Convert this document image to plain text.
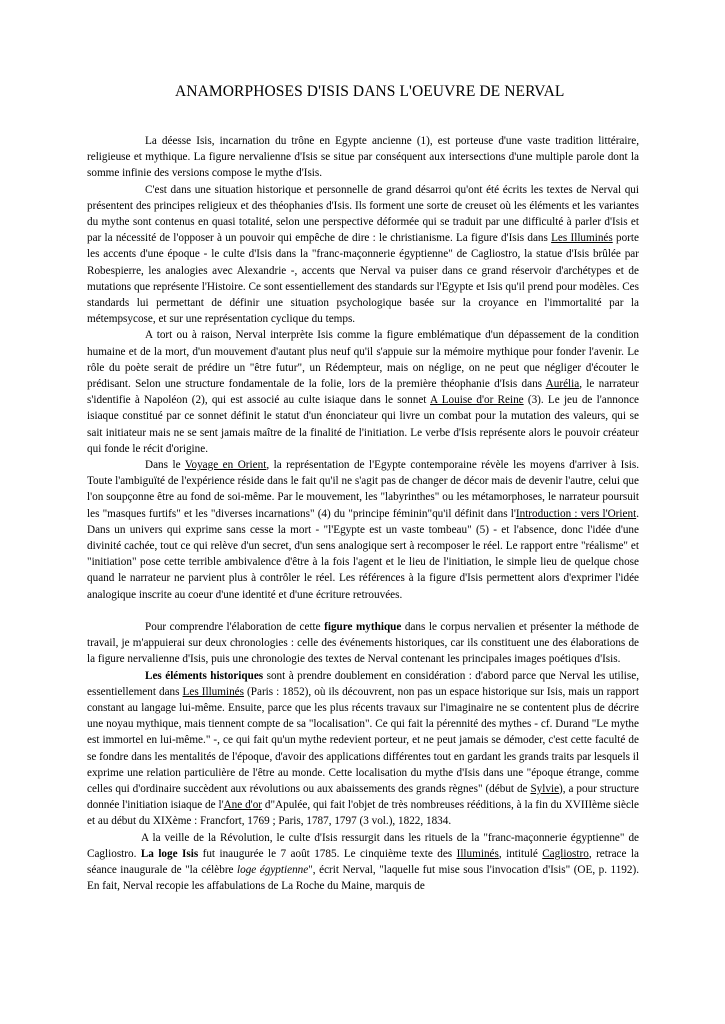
ANAMORPHOSES D'ISIS DANS L'OEUVRE DE NERVAL

La déesse Isis, incarnation du trône en Egypte ancienne (1), est porteuse d'une vaste tradition littéraire, religieuse et mythique. La figure nervalienne d'Isis se situe par conséquent aux intersections d'une multiple parole dont la somme infinie des versions compose le mythe d'Isis.

C'est dans une situation historique et personnelle de grand désarroi qu'ont été écrits les textes de Nerval qui présentent des principes religieux et des théophanies d'Isis. Ils forment une sorte de creuset où les éléments et les variantes du mythe sont contenus en quasi totalité, selon une perspective déformée qui se traduit par une difficulté à parler d'Isis et par la nécessité de l'opposer à un pouvoir qui empêche de dire : le christianisme. La figure d'Isis dans Les Illuminés porte les accents d'une époque - le culte d'Isis dans la "franc-maçonnerie égyptienne" de Cagliostro, la statue d'Isis brûlée par Robespierre, les analogies avec Alexandrie -, accents que Nerval va puiser dans ce grand réservoir d'archétypes et de mutations que représente l'Histoire. Ce sont essentiellement des standards sur l'Egypte et Isis qu'il prend pour modèles. Ces standards lui permettant de définir une situation psychologique basée sur la croyance en l'immortalité par la métempsycose, et sur une représentation cyclique du temps.

A tort ou à raison, Nerval interprète Isis comme la figure emblématique d'un dépassement de la condition humaine et de la mort, d'un mouvement d'autant plus neuf qu'il s'appuie sur la mémoire mythique pour fonder l'avenir. Le rôle du poète serait de prédire un "être futur", un Rédempteur, mais on néglige, on ne peut que négliger d'écouter le prédisant. Selon une structure fondamentale de la folie, lors de la première théophanie d'Isis dans Aurélia, le narrateur s'identifie à Napoléon (2), qui est associé au culte isiaque dans le sonnet A Louise d'or Reine (3). Le jeu de l'annonce isiaque constitué par ce sonnet définit le statut d'un énonciateur qui livre un combat pour la mutation des valeurs, qui se sait initiateur mais ne se sent jamais maître de la finalité de l'initiation. Le verbe d'Isis représente alors le pouvoir créateur qui fonde le récit d'origine.

Dans le Voyage en Orient, la représentation de l'Egypte contemporaine révèle les moyens d'arriver à Isis. Toute l'ambiguïté de l'expérience réside dans le fait qu'il ne s'agit pas de changer de décor mais de devenir l'autre, celui que l'on soupçonne être au fond de soi-même. Par le mouvement, les "labyrinthes" ou les métamorphoses, le narrateur poursuit les "masques furtifs" et les "diverses incarnations" (4) du "principe féminin"qu'il définit dans l'Introduction : vers l'Orient. Dans un univers qui exprime sans cesse la mort - "l'Egypte est un vaste tombeau" (5) - et l'absence, donc l'idée d'une divinité cachée, tout ce qui relève d'un secret, d'un sens analogique sert à recomposer le réel. Le rapport entre "réalisme" et "initiation" pose cette terrible ambivalence d'être à la fois l'agent et le lieu de l'initiation, le simple lieu de quelque chose quand le narrateur ne parvient plus à contrôler le réel. Les références à la figure d'Isis permettent alors d'exprimer l'idée analogique inscrite au coeur d'une identité et d'une écriture retrouvées.

Pour comprendre l'élaboration de cette figure mythique dans le corpus nervalien et présenter la méthode de travail, je m'appuierai sur deux chronologies : celle des événements historiques, car ils constituent une des élaborations de la figure nervalienne d'Isis, puis une chronologie des textes de Nerval contenant les principales images poétiques d'Isis.

Les éléments historiques sont à prendre doublement en considération : d'abord parce que Nerval les utilise, essentiellement dans Les Illuminés (Paris : 1852), où ils découvrent, non pas un espace historique sur Isis, mais un rapport constant au langage lui-même. Ensuite, parce que les plus récents travaux sur l'imaginaire ne se contentent plus de décrire une noyau mythique, mais tiennent compte de sa "localisation". Ce qui fait la pérennité des mythes - cf. Durand "Le mythe est immortel en lui-même." -, ce qui fait qu'un mythe redevient porteur, et ne peut jamais se démoder, c'est cette faculté de se fondre dans les mentalités de l'époque, d'avoir des applications différentes tout en gardant les grands traits par lesquels il exprime une relation particulière de l'être au monde. Cette localisation du mythe d'Isis dans une "époque étrange, comme celles qui d'ordinaire succèdent aux révolutions ou aux abaissements des grands règnes" (début de Sylvie), a pour structure donnée l'initiation isiaque de l'Ane d'or d"Apulée, qui fait l'objet de très nombreuses rééditions, à la fin du XVIIIème siècle et au début du XIXème : Francfort, 1769 ; Paris, 1787, 1797 (3 vol.), 1822, 1834.

A la veille de la Révolution, le culte d'Isis ressurgit dans les rituels de la "franc-maçonnerie égyptienne" de Cagliostro. La loge Isis fut inaugurée le 7 août 1785. Le cinquième texte des Illuminés, intitulé Cagliostro, retrace la séance inaugurale de "la célèbre loge égyptienne", écrit Nerval, "laquelle fut mise sous l'invocation d'Isis" (OE, p. 1192). En fait, Nerval recopie les affabulations de La Roche du Maine, marquis de
